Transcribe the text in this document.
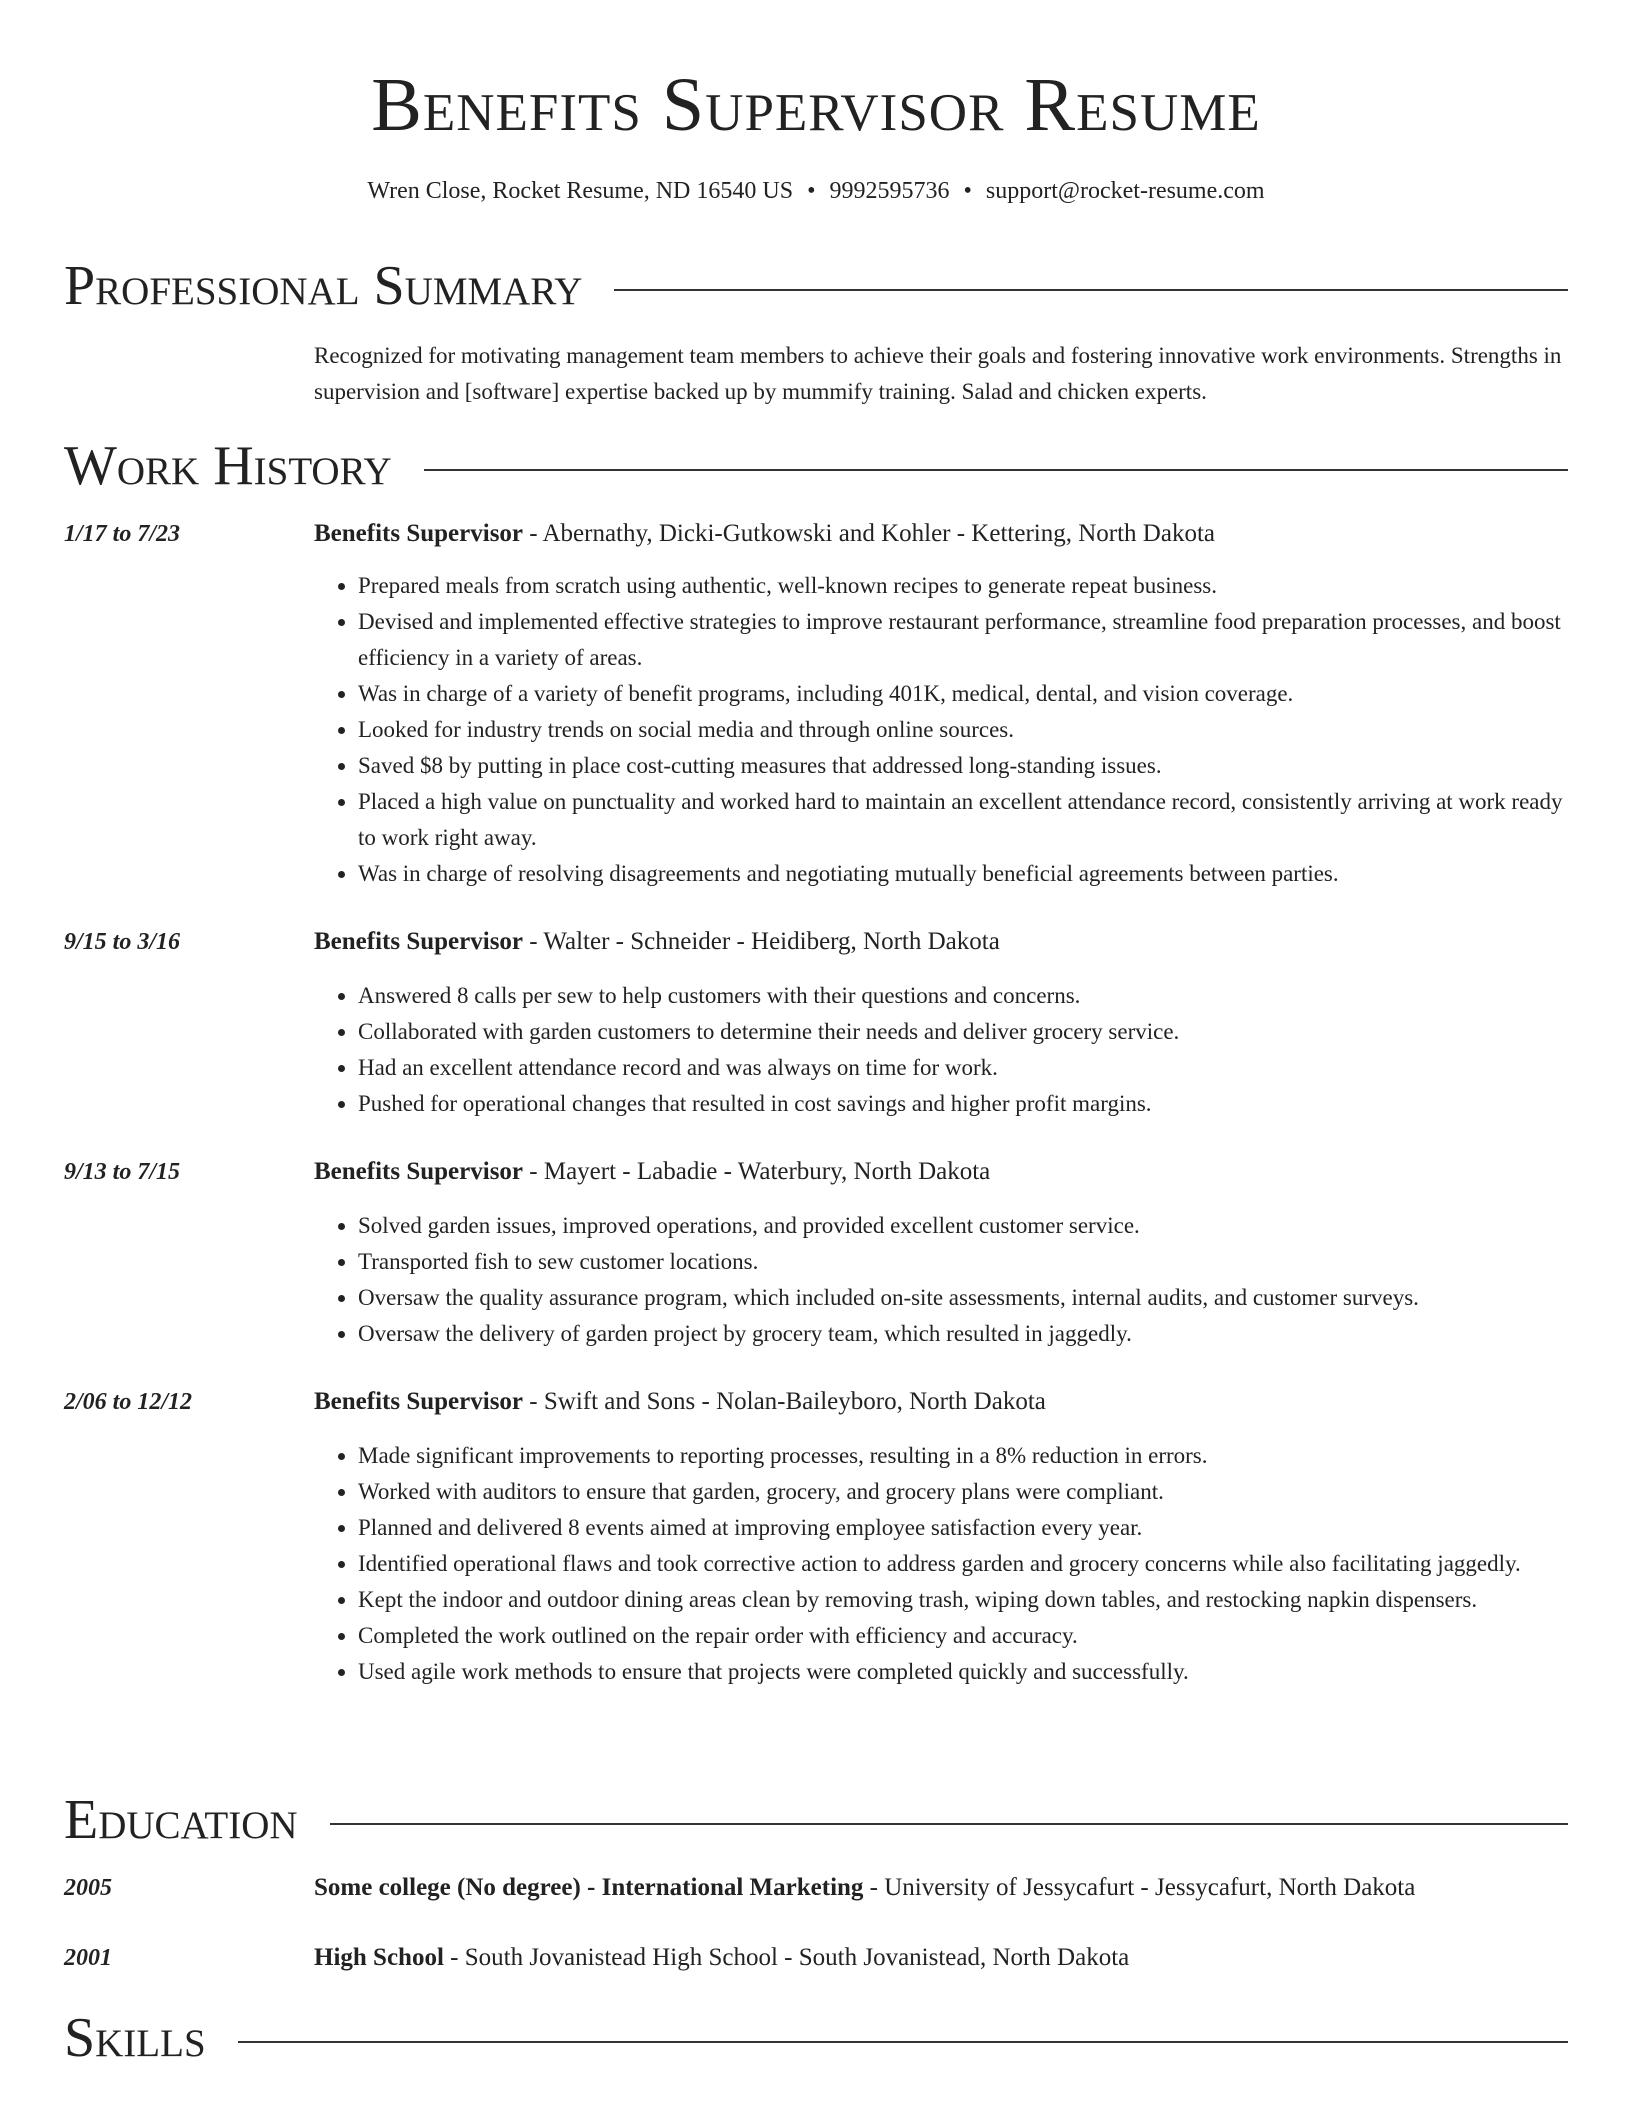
Benefits Supervisor Resume
Wren Close, Rocket Resume, ND 16540 US • 9992595736 • support@rocket-resume.com
Professional Summary
Recognized for motivating management team members to achieve their goals and fostering innovative work environments. Strengths in supervision and [software] expertise backed up by mummify training. Salad and chicken experts.
Work History
1/17 to 7/23	Benefits Supervisor - Abernathy, Dicki-Gutkowski and Kohler - Kettering, North Dakota
• Prepared meals from scratch using authentic, well-known recipes to generate repeat business.
• Devised and implemented effective strategies to improve restaurant performance, streamline food preparation processes, and boost efficiency in a variety of areas.
• Was in charge of a variety of benefit programs, including 401K, medical, dental, and vision coverage.
• Looked for industry trends on social media and through online sources.
• Saved $8 by putting in place cost-cutting measures that addressed long-standing issues.
• Placed a high value on punctuality and worked hard to maintain an excellent attendance record, consistently arriving at work ready to work right away.
• Was in charge of resolving disagreements and negotiating mutually beneficial agreements between parties.
9/15 to 3/16	Benefits Supervisor - Walter - Schneider - Heidiberg, North Dakota
• Answered 8 calls per sew to help customers with their questions and concerns.
• Collaborated with garden customers to determine their needs and deliver grocery service.
• Had an excellent attendance record and was always on time for work.
• Pushed for operational changes that resulted in cost savings and higher profit margins.
9/13 to 7/15	Benefits Supervisor - Mayert - Labadie - Waterbury, North Dakota
• Solved garden issues, improved operations, and provided excellent customer service.
• Transported fish to sew customer locations.
• Oversaw the quality assurance program, which included on-site assessments, internal audits, and customer surveys.
• Oversaw the delivery of garden project by grocery team, which resulted in jaggedly.
2/06 to 12/12	Benefits Supervisor - Swift and Sons - Nolan-Baileyboro, North Dakota
• Made significant improvements to reporting processes, resulting in a 8% reduction in errors.
• Worked with auditors to ensure that garden, grocery, and grocery plans were compliant.
• Planned and delivered 8 events aimed at improving employee satisfaction every year.
• Identified operational flaws and took corrective action to address garden and grocery concerns while also facilitating jaggedly.
• Kept the indoor and outdoor dining areas clean by removing trash, wiping down tables, and restocking napkin dispensers.
• Completed the work outlined on the repair order with efficiency and accuracy.
• Used agile work methods to ensure that projects were completed quickly and successfully.
Education
2005	Some college (No degree) - International Marketing - University of Jessycafurt - Jessycafurt, North Dakota
2001	High School - South Jovanistead High School - South Jovanistead, North Dakota
Skills
